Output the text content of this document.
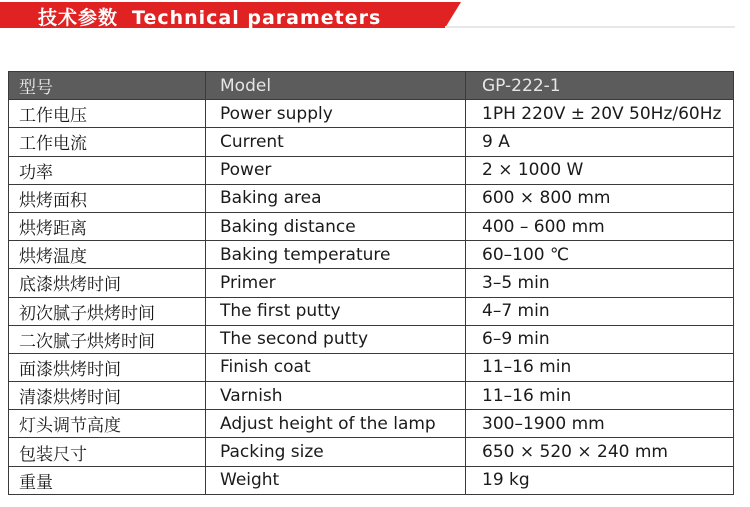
技术参数 Technical parameters
型号	Model	GP-222-1
工作电压	Power supply	1PH 220V ± 20V 50Hz/60Hz
工作电流	Current	9 A
功率	Power	2 × 1000 W
烘烤面积	Baking area	600 × 800 mm
烘烤距离	Baking distance	400 – 600 mm
烘烤温度	Baking temperature	60–100 ℃
底漆烘烤时间	Primer	3–5 min
初次腻子烘烤时间	The first putty	4–7 min
二次腻子烘烤时间	The second putty	6–9 min
面漆烘烤时间	Finish coat	11–16 min
清漆烘烤时间	Varnish	11–16 min
灯头调节高度	Adjust height of the lamp	300–1900 mm
包装尺寸	Packing size	650 × 520 × 240 mm
重量	Weight	19 kg
